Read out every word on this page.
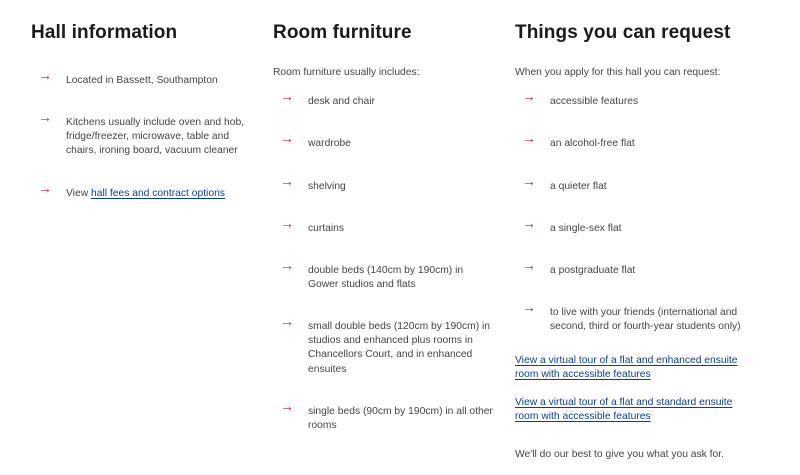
Hall information
→	Located in Bassett, Southampton
→	Kitchens usually include oven and hob, fridge/freezer, microwave, table and chairs, ironing board, vacuum cleaner
→	View hall fees and contract options
Room furniture

Room furniture usually includes:

→	desk and chair
→	wardrobe
→	shelving
→	curtains
→	double beds (140cm by 190cm) in Gower studios and flats
→	small double beds (120cm by 190cm) in studios and enhanced plus rooms in Chancellors Court, and in enhanced ensuites
→	single beds (90cm by 190cm) in all other rooms
Things you can request

When you apply for this hall you can request:

→	accessible features
→	an alcohol-free flat
→	a quieter flat
→	a single-sex flat
→	a postgraduate flat
→	to live with your friends (international and second, third or fourth-year students only)
View a virtual tour of a flat and enhanced ensuite room with accessible features
View a virtual tour of a flat and standard ensuite room with accessible features

We'll do our best to give you what you ask for.
